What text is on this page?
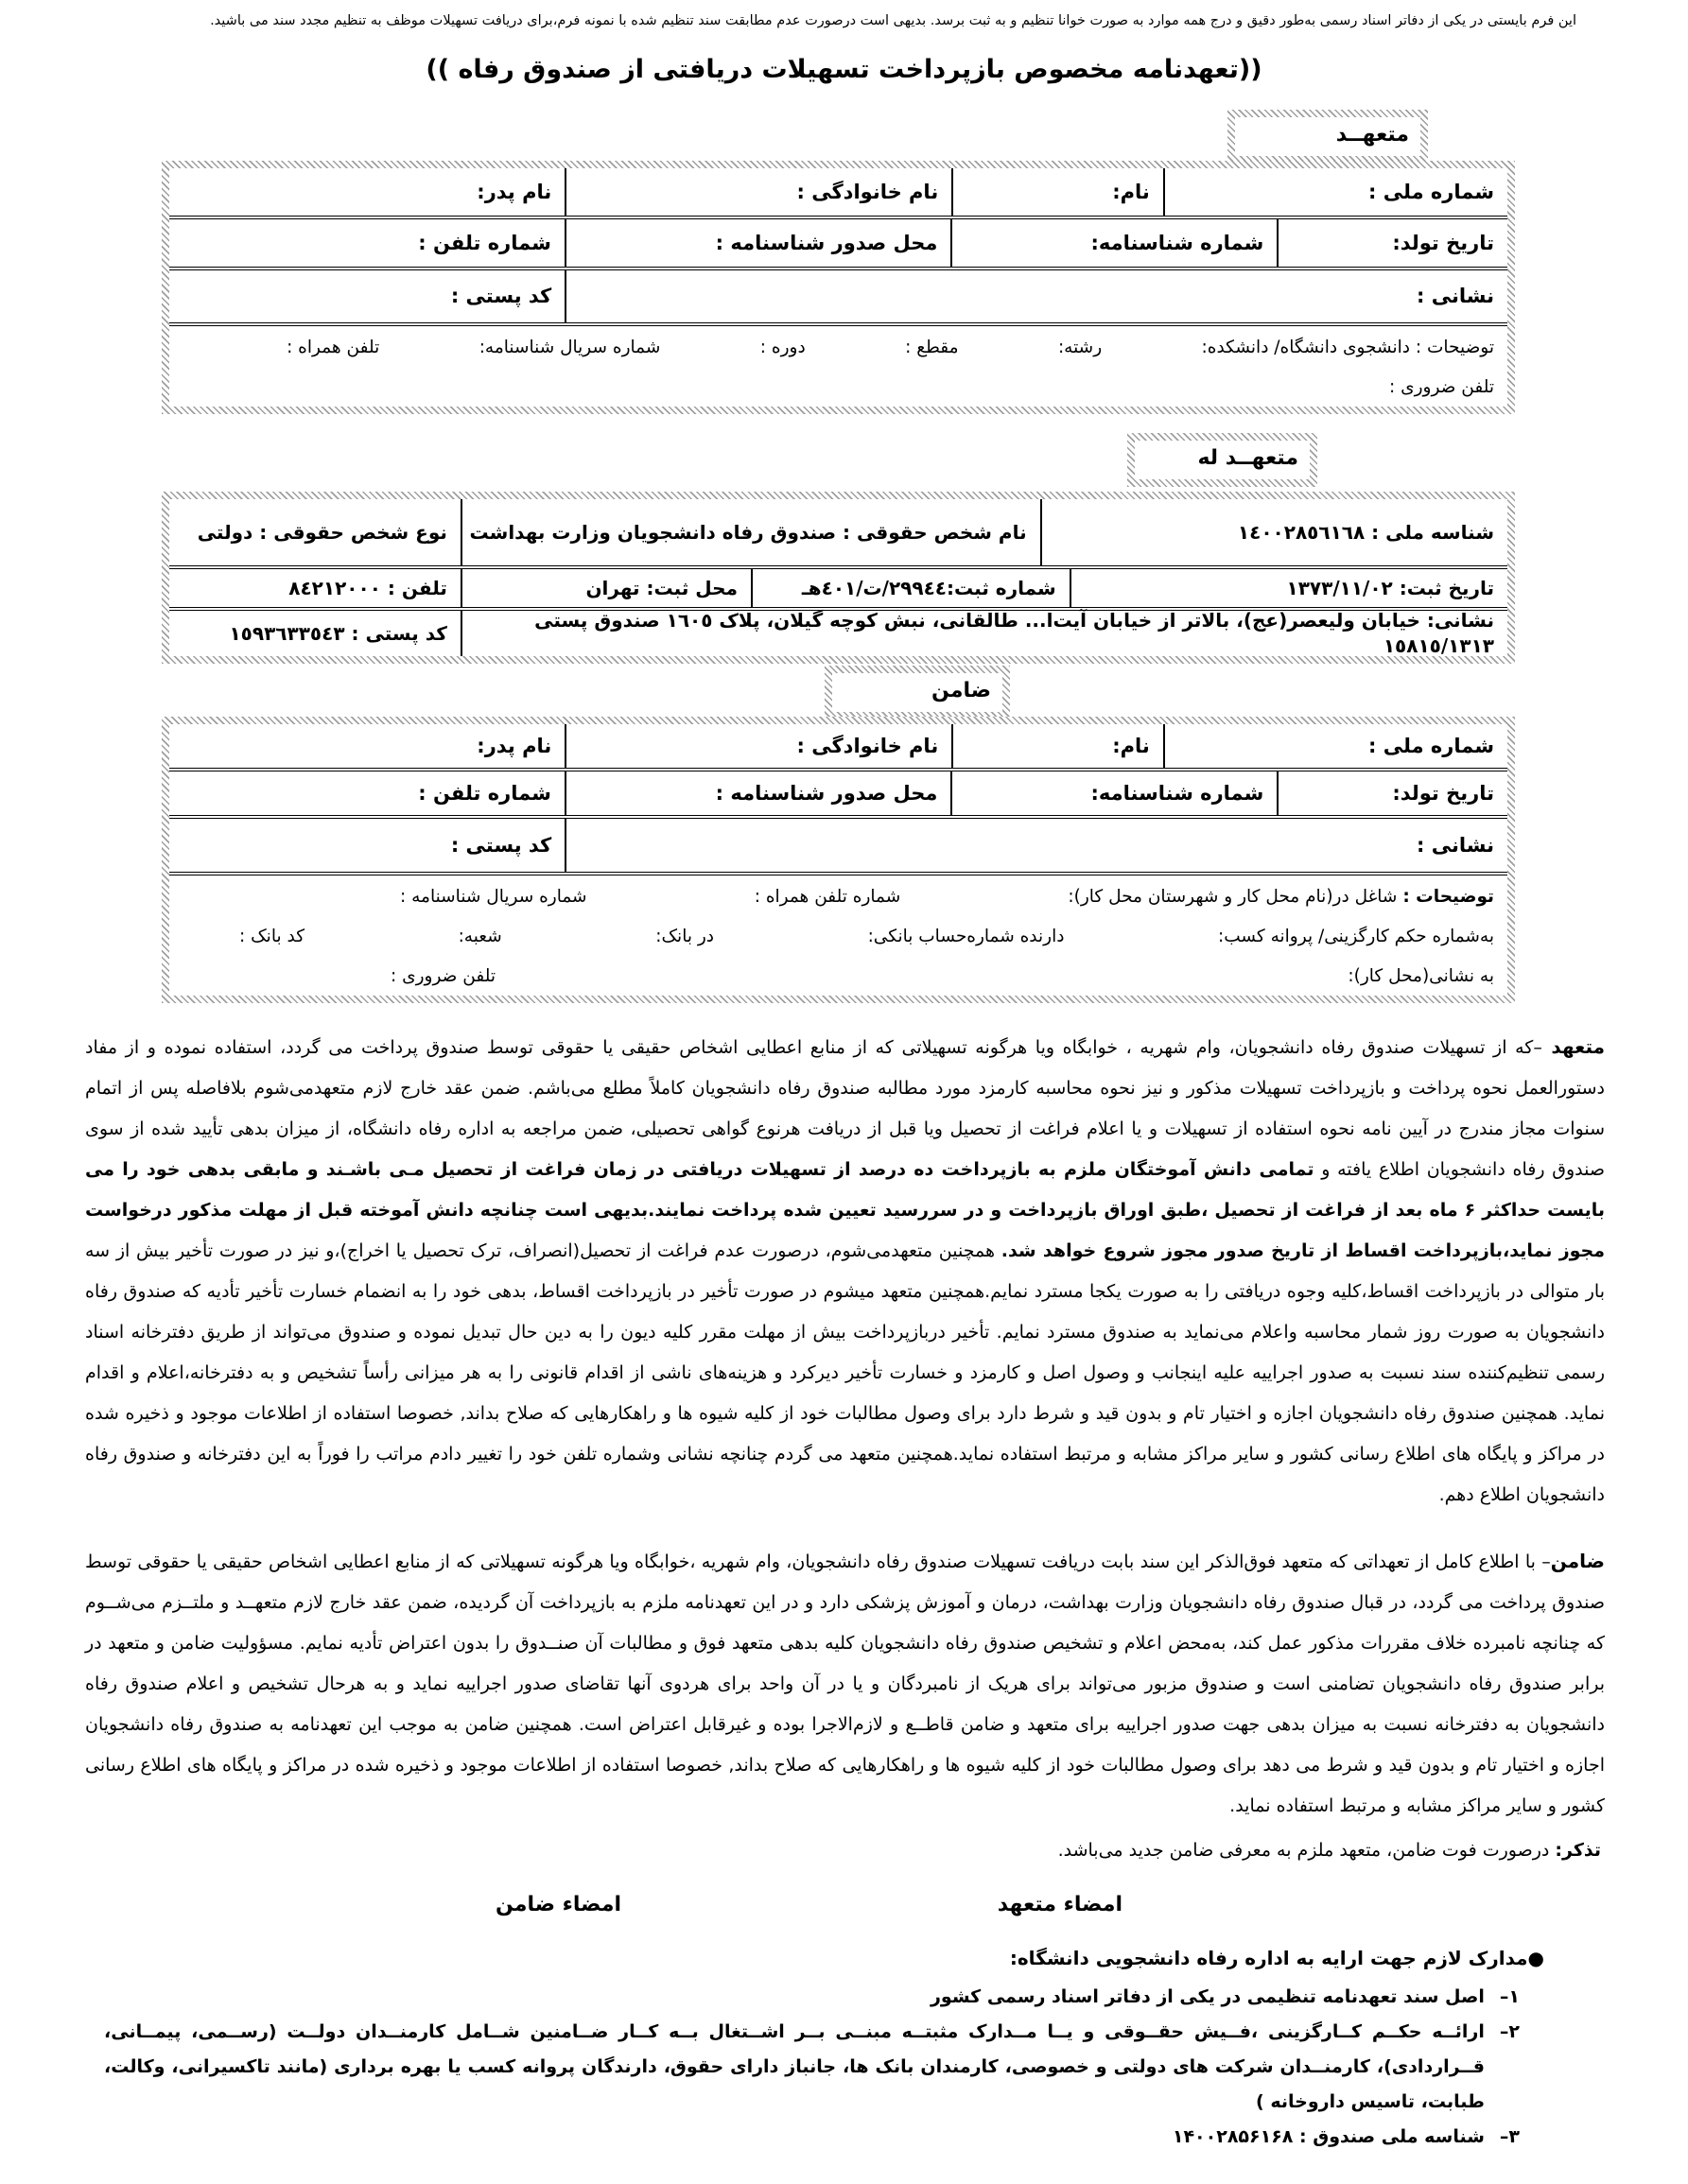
این فرم بایستی در یکی از دفاتر اسناد رسمی به‌طور دقیق و درج همه موارد به صورت خوانا تنظیم و به ثبت برسد. بدیهی است درصورت عدم مطابقت سند تنظیم شده با نمونه فرم،برای دریافت تسهیلات موظف به تنظیم مجدد سند می باشید.
((تعهدنامه مخصوص بازپرداخت تسهیلات دریافتی از صندوق رفاه ))
متعهــد
شماره ملی :
نام:
نام خانوادگی :
نام پدر:
تاریخ تولد:
شماره شناسنامه:
محل صدور شناسنامه :
شماره تلفن :
نشانی :
کد پستی :
توضیحات : دانشجوی دانشگاه/ دانشکده:
رشته:
مقطع :
دوره :
شماره سریال شناسنامه:
تلفن همراه :
تلفن ضروری :
متعهــد له
شناسه ملی : ١٤٠٠٢٨٥٦١٦٨
نام شخص حقوقی : صندوق رفاه دانشجویان وزارت بهداشت
نوع شخص حقوقی : دولتی
تاریخ ثبت: ١٣٧٣/١١/٠٢
شماره ثبت:٢٩٩٤٤/ت/٤٠١هـ
محل ثبت: تهران
تلفن : ٨٤٢١٢٠٠٠
نشانی: خیابان ولیعصر(عج)، بالاتر از خیابان آیت‌ا... طالقانی، نبش کوچه گیلان، پلاک ١٦٠٥ صندوق پستی ١٥٨١٥/١٣١٣
کد پستی : ١٥٩٣٦٣٣٥٤٣
ضامن
شماره ملی :
نام:
نام خانوادگی :
نام پدر:
تاریخ تولد:
شماره شناسنامه:
محل صدور شناسنامه :
شماره تلفن :
نشانی :
کد پستی :
توضیحات : شاغل در(نام محل کار و شهرستان محل کار):
شماره تلفن همراه :
شماره سریال شناسنامه :
به‌شماره حکم کارگزینی/ پروانه کسب:
دارنده شماره‌حساب بانکی:
در بانک:
شعبه:
کد بانک :
به نشانی(محل کار):
تلفن ضروری :
متعهد –که از تسهیلات صندوق رفاه دانشجویان، وام شهریه ، خوابگاه ویا هرگونه تسهیلاتی که از منابع اعطایی اشخاص حقیقی یا حقوقی توسط صندوق پرداخت می گردد، استفاده نموده و از مفاد دستورالعمل نحوه پرداخت و بازپرداخت تسهیلات مذکور و نیز نحوه محاسبه کارمزد مورد مطالبه صندوق رفاه دانشجویان کاملاً مطلع می‌باشم. ضمن عقد خارج لازم متعهدمی‌شوم بلافاصله پس از اتمام سنوات مجاز مندرج در آیین نامه نحوه استفاده از تسهیلات و یا اعلام فراغت از تحصیل ویا قبل از دریافت هرنوع گواهی تحصیلی، ضمن مراجعه به اداره رفاه دانشگاه، از میزان بدهی تأیید شده از سوی صندوق رفاه دانشجویان اطلاع یافته و تمامی دانش آموختگان ملزم به بازپرداخت ده درصد از تسهیلات دریافتی در زمان فراغت از تحصیل مـی باشـند و مابقی بدهی خود را می بایست حداکثر ۶ ماه بعد از فراغت از تحصیل ،طبق اوراق بازپرداخت و در سررسید تعیین شده پرداخت نمایند.بدیهی است چنانچه دانش آموخته قبل از مهلت مذکور درخواست مجوز نماید،بازپرداخت اقساط از تاریخ صدور مجوز شروع خواهد شد. همچنین متعهدمی‌شوم، درصورت عدم فراغت از تحصیل(انصراف، ترک تحصیل یا اخراج)،و نیز در صورت تأخیر بیش از سه بار متوالی در بازپرداخت اقساط،کلیه وجوه دریافتی را به صورت یکجا مسترد نمایم.همچنین متعهد میشوم در صورت تأخیر در بازپرداخت اقساط، بدهی خود را به انضمام خسارت تأخیر تأدیه که صندوق رفاه دانشجویان به صورت روز شمار محاسبه واعلام می‌نماید به صندوق مسترد نمایم. تأخیر دربازپرداخت بیش از مهلت مقرر کلیه دیون را به دین حال تبدیل نموده و صندوق می‌تواند از طریق دفترخانه اسناد رسمی تنظیم‌کننده سند نسبت به صدور اجراییه علیه اینجانب و وصول اصل و کارمزد و خسارت تأخیر دیرکرد و هزینه‌های ناشی از اقدام قانونی را به هر میزانی رأساً تشخیص و به دفترخانه،اعلام و اقدام نماید. همچنین صندوق رفاه دانشجویان اجازه و اختیار تام و بدون قید و شرط دارد برای وصول مطالبات خود از کلیه شیوه ها و راهکارهایی که صلاح بداند, خصوصا استفاده از اطلاعات موجود و ذخیره شده در مراکز و پایگاه های اطلاع رسانی کشور و سایر مراکز مشابه و مرتبط استفاده نماید.همچنین متعهد می گردم چنانچه نشانی وشماره تلفن خود را تغییر دادم مراتب را فوراً به این دفترخانه و صندوق رفاه دانشجویان اطلاع دهم.
ضامن– با اطلاع کامل از تعهداتی که متعهد فوق‌الذکر این سند بابت دریافت تسهیلات صندوق رفاه دانشجویان، وام شهریه ،خوابگاه ویا هرگونه تسهیلاتی که از منابع اعطایی اشخاص حقیقی یا حقوقی توسط صندوق پرداخت می گردد، در قبال صندوق رفاه دانشجویان وزارت بهداشت، درمان و آموزش پزشکی دارد و در این تعهدنامه ملزم به بازپرداخت آن گردیده، ضمن عقد خارج لازم متعهــد و ملتــزم می‌شــوم که چنانچه نامبرده خلاف مقررات مذکور عمل کند، به‌محض اعلام و تشخیص صندوق رفاه دانشجویان کلیه بدهی متعهد فوق و مطالبات آن صنــدوق را بدون اعتراض تأدیه نمایم. مسؤولیت ضامن و متعهد در برابر صندوق رفاه دانشجویان تضامنی است و صندوق مزبور می‌تواند برای هریک از نامبردگان و یا در آن واحد برای هردوی آنها تقاضای صدور اجراییه نماید و به هرحال تشخیص و اعلام صندوق رفاه دانشجویان به دفترخانه نسبت به میزان بدهی جهت صدور اجراییه برای متعهد و ضامن قاطــع و لازم‌الاجرا بوده و غیرقابل اعتراض است. همچنین ضامن به موجب این تعهدنامه به صندوق رفاه دانشجویان اجازه و اختیار تام و بدون قید و شرط می دهد برای وصول مطالبات خود از کلیه شیوه ها و راهکارهایی که صلاح بداند, خصوصا استفاده از اطلاعات موجود و ذخیره شده در مراکز و پایگاه های اطلاع رسانی کشور و سایر مراکز مشابه و مرتبط استفاده نماید.
تذکر: درصورت فوت ضامن، متعهد ملزم به معرفی ضامن جدید می‌باشد.
امضاء متعهد
امضاء ضامن
●مدارک لازم جهت ارایه به اداره رفاه دانشجویی دانشگاه:
۱–
اصل سند تعهدنامه تنظیمی در یکی از دفاتر اسناد رسمی کشور
۲–
ارائــه حکــم کــارگزینی ،فــیش حقــوقی و یــا مــدارک مثبتــه مبنــی بــر اشــتغال بــه کــار ضــامنین شــامل کارمنــدان دولــت (رســمی، پیمــانی، قــراردادی)، کارمنــدان شرکت های دولتی و خصوصی، کارمندان بانک ها، جانباز دارای حقوق، دارندگان پروانه کسب یا بهره برداری (مانند تاکسیرانی، وکالت، طبابت، تاسیس داروخانه )
۳–
شناسه ملی صندوق : ۱۴۰۰۲۸۵۶۱۶۸
